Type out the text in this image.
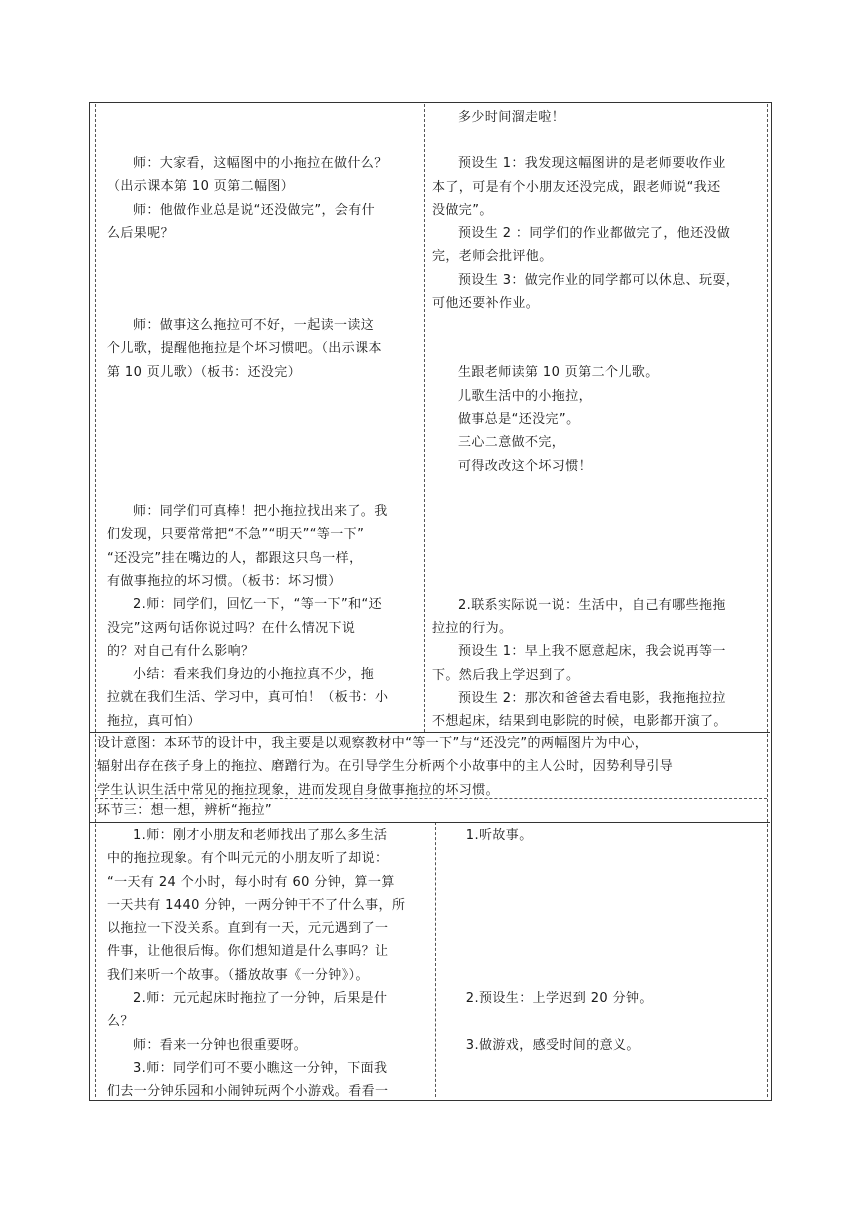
师：大家看，这幅图中的小拖拉在做什么？

（出示课本第 10 页第二幅图）

师：他做作业总是说“还没做完”，会有什

么后果呢？

师：做事这么拖拉可不好，一起读一读这

个儿歌，提醒他拖拉是个坏习惯吧。（出示课本

第 10 页儿歌）（板书：还没完）

师：同学们可真棒！把小拖拉找出来了。我

们发现，只要常常把“不急”“明天”“等一下”

“还没完”挂在嘴边的人，都跟这只鸟一样，

有做事拖拉的坏习惯。（板书：坏习惯）

2.师：同学们，回忆一下，“等一下”和“还

没完”这两句话你说过吗？在什么情况下说

的？对自己有什么影响？

小结：看来我们身边的小拖拉真不少，拖

拉就在我们生活、学习中，真可怕！（板书：小

拖拉，真可怕）

多少时间溜走啦！

预设生 1：我发现这幅图讲的是老师要收作业

本了，可是有个小朋友还没完成，跟老师说“我还

没做完”。

预设生 2 ：同学们的作业都做完了，他还没做

完，老师会批评他。

预设生 3：做完作业的同学都可以休息、玩耍，

可他还要补作业。

生跟老师读第 10 页第二个儿歌。

儿歌生活中的小拖拉，

做事总是“还没完”。

三心二意做不完，

可得改改这个坏习惯！

2.联系实际说一说：生活中，自己有哪些拖拖

拉拉的行为。

预设生 1：早上我不愿意起床，我会说再等一

下。然后我上学迟到了。

预设生 2：那次和爸爸去看电影，我拖拖拉拉

不想起床，结果到电影院的时候，电影都开演了。

设计意图：本环节的设计中，我主要是以观察教材中“等一下”与“还没完”的两幅图片为中心，

辐射出存在孩子身上的拖拉、磨蹭行为。在引导学生分析两个小故事中的主人公时，因势利导引导

学生认识生活中常见的拖拉现象，进而发现自身做事拖拉的坏习惯。

环节三：想一想，辨析“拖拉”

1.师：刚才小朋友和老师找出了那么多生活

中的拖拉现象。有个叫元元的小朋友听了却说：

“一天有 24 个小时，每小时有 60 分钟，算一算

一天共有 1440 分钟，一两分钟干不了什么事，所

以拖拉一下没关系。直到有一天，元元遇到了一

件事，让他很后悔。你们想知道是什么事吗？让

我们来听一个故事。（播放故事《一分钟》）。

2.师：元元起床时拖拉了一分钟，后果是什

么？

师：看来一分钟也很重要呀。

3.师：同学们可不要小瞧这一分钟，下面我

们去一分钟乐园和小闹钟玩两个小游戏。看看一

1.听故事。

2.预设生：上学迟到 20 分钟。

3.做游戏，感受时间的意义。
